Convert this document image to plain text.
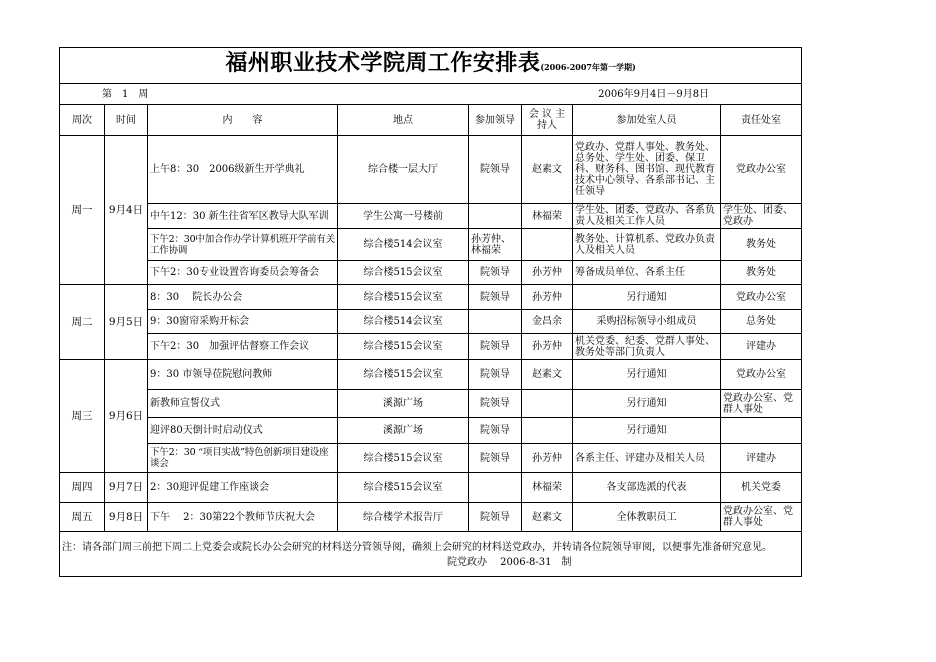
福州职业技术学院周工作安排表(2006-2007年第一学期)							
第　1　周 2006年9月4日－9月8日							

周次	时间	内　　容	地点	参加领导	会 议 主持人	参加处室人员	责任处室
周一	9月4日	上午8：30　2006级新生开学典礼	综合楼一层大厅	院领导	赵素文	党政办、党群人事处、教务处、总务处、学生处、团委、保卫科、财务科、图书馆、现代教育技术中心领导、各系部书记、主任领导	党政办公室
		中午12：30 新生往省军区教导大队军训	学生公寓一号楼前		林福荣	学生处、团委、党政办、各系负责人及相关工作人员	学生处、团委、党政办
		下午2：30中加合作办学计算机班开学前有关工作协调	综合楼514会议室	孙芳仲、林福荣		教务处、计算机系、党政办负责人及相关人员	教务处
		下午2：30专业设置咨询委员会筹备会	综合楼515会议室	院领导	孙芳仲	筹备成员单位、各系主任	教务处
周二	9月5日	8：30　 院长办公会	综合楼515会议室	院领导	孙芳仲	另行通知	党政办公室
		9：30窗帘采购开标会	综合楼514会议室		金昌余	采购招标领导小组成员	总务处
		下午2：30　加强评估督察工作会议	综合楼515会议室	院领导	孙芳仲	机关党委、纪委、党群人事处、教务处等部门负责人	评建办
周三	9月6日	9：30 市领导莅院慰问教师	综合楼515会议室	院领导	赵素文	另行通知	党政办公室
		新教师宣誓仪式	溪源广场	院领导		另行通知	党政办公室、党群人事处
		迎评80天倒计时启动仪式	溪源广场	院领导		另行通知	
		下午2：30 “项目实战”特色创新项目建设座谈会	综合楼515会议室	院领导	孙芳仲	各系主任、评建办及相关人员	评建办
周四	9月7日	2：30迎评促建工作座谈会	综合楼515会议室		林福荣	各支部选派的代表	机关党委
周五	9月8日	下午　 2：30第22个教师节庆祝大会	综合楼学术报告厅	院领导	赵素文	全体教职员工	党政办公室、党群人事处
注：请各部门周三前把下周二上党委会或院长办公会研究的材料送分管领导阅，确须上会研究的材料送党政办，并转请各位院领导审阅，以便事先准备研究意见。
院党政办　 2006-8-31　制							
